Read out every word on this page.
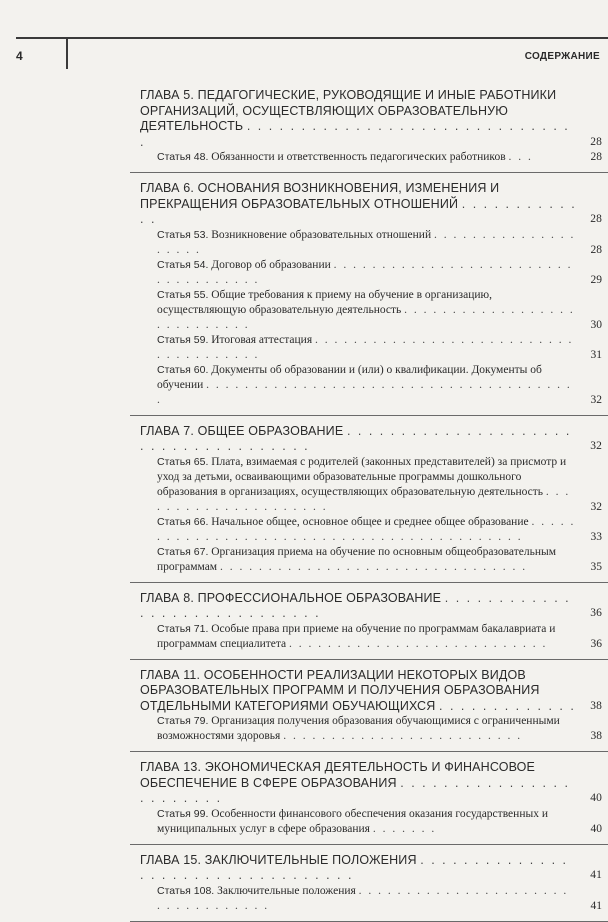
4	СОДЕРЖАНИЕ
ГЛАВА 5. ПЕДАГОГИЧЕСКИЕ, РУКОВОДЯЩИЕ И ИНЫЕ РАБОТНИКИ ОРГАНИЗАЦИЙ, ОСУЩЕСТВЛЯЮЩИХ ОБРАЗОВАТЕЛЬНУЮ ДЕЯТЕЛЬНОСТЬ . . . . . . . . . . . . . . . . . . . . . . . . . . . . . . .	28
Статья 48. Обязанности и ответственность педагогических работников . . .	28
ГЛАВА 6. ОСНОВАНИЯ ВОЗНИКНОВЕНИЯ, ИЗМЕНЕНИЯ И ПРЕКРАЩЕНИЯ ОБРАЗОВАТЕЛЬНЫХ ОТНОШЕНИЙ . . . . . . . . . . . . .	28
Статья 53. Возникновение образовательных отношений . . . . . . . . . . . . . . . . . . . .	28
Статья 54. Договор об образовании . . . . . . . . . . . . . . . . . . . . . . . . . . . . . . . . . . . .	29
Статья 55. Общие требования к приему на обучение в организацию, осуществляющую образовательную деятельность . . . . . . . . . . . . . . . . . . . . . . . . . . . .	30
Статья 59. Итоговая аттестация . . . . . . . . . . . . . . . . . . . . . . . . . . . . . . . . . . . . . .	31
Статья 60. Документы об образовании и (или) о квалификации. Документы об обучении . . . . . . . . . . . . . . . . . . . . . . . . . . . . . . . . . . . . . . .	32
ГЛАВА 7. ОБЩЕЕ ОБРАЗОВАНИЕ . . . . . . . . . . . . . . . . . . . . . . . . . . . . . . . . . . . . .	32
Статья 65. Плата, взимаемая с родителей (законных представителей) за присмотр и уход за детьми, осваивающими образовательные программы дошкольного образования в организациях, осуществляющих образовательную деятельность . . . . . . . . . . . . . . . . . . . . .	32
Статья 66. Начальное общее, основное общее и среднее общее образование . . . . . . . . . . . . . . . . . . . . . . . . . . . . . . . . . . . . . . . . . . .	33
Статья 67. Организация приема на обучение по основным общеобразовательным программам . . . . . . . . . . . . . . . . . . . . . . . . . . . . . . . .	35
ГЛАВА 8. ПРОФЕССИОНАЛЬНОЕ ОБРАЗОВАНИЕ . . . . . . . . . . . . . . . . . . . . . . . . . . . . .	36
Статья 71. Особые права при приеме на обучение по программам бакалавриата и программам специалитета . . . . . . . . . . . . . . . . . . . . . . . . . . .	36
ГЛАВА 11. ОСОБЕННОСТИ РЕАЛИЗАЦИИ НЕКОТОРЫХ ВИДОВ ОБРАЗОВАТЕЛЬНЫХ ПРОГРАММ И ПОЛУЧЕНИЯ ОБРАЗОВАНИЯ ОТДЕЛЬНЫМИ КАТЕГОРИЯМИ ОБУЧАЮЩИХСЯ . . . . . . . . . . . . . 38
Статья 79. Организация получения образования обучающимися с ограниченными возможностями здоровья . . . . . . . . . . . . . . . . . . . . . . . . .	38
ГЛАВА 13. ЭКОНОМИЧЕСКАЯ ДЕЯТЕЛЬНОСТЬ И ФИНАНСОВОЕ ОБЕСПЕЧЕНИЕ В СФЕРЕ ОБРАЗОВАНИЯ . . . . . . . . . . . . . . . . . . . . . . . .	40
Статья 99. Особенности финансового обеспечения оказания государственных и муниципальных услуг в сфере образования . . . . . . .	40
ГЛАВА 15. ЗАКЛЮЧИТЕЛЬНЫЕ ПОЛОЖЕНИЯ . . . . . . . . . . . . . . . . . . . . . . . . . . . . . . . . . .	41
Статья 108. Заключительные положения . . . . . . . . . . . . . . . . . . . . . . . . . . . . . . . . . .	41
